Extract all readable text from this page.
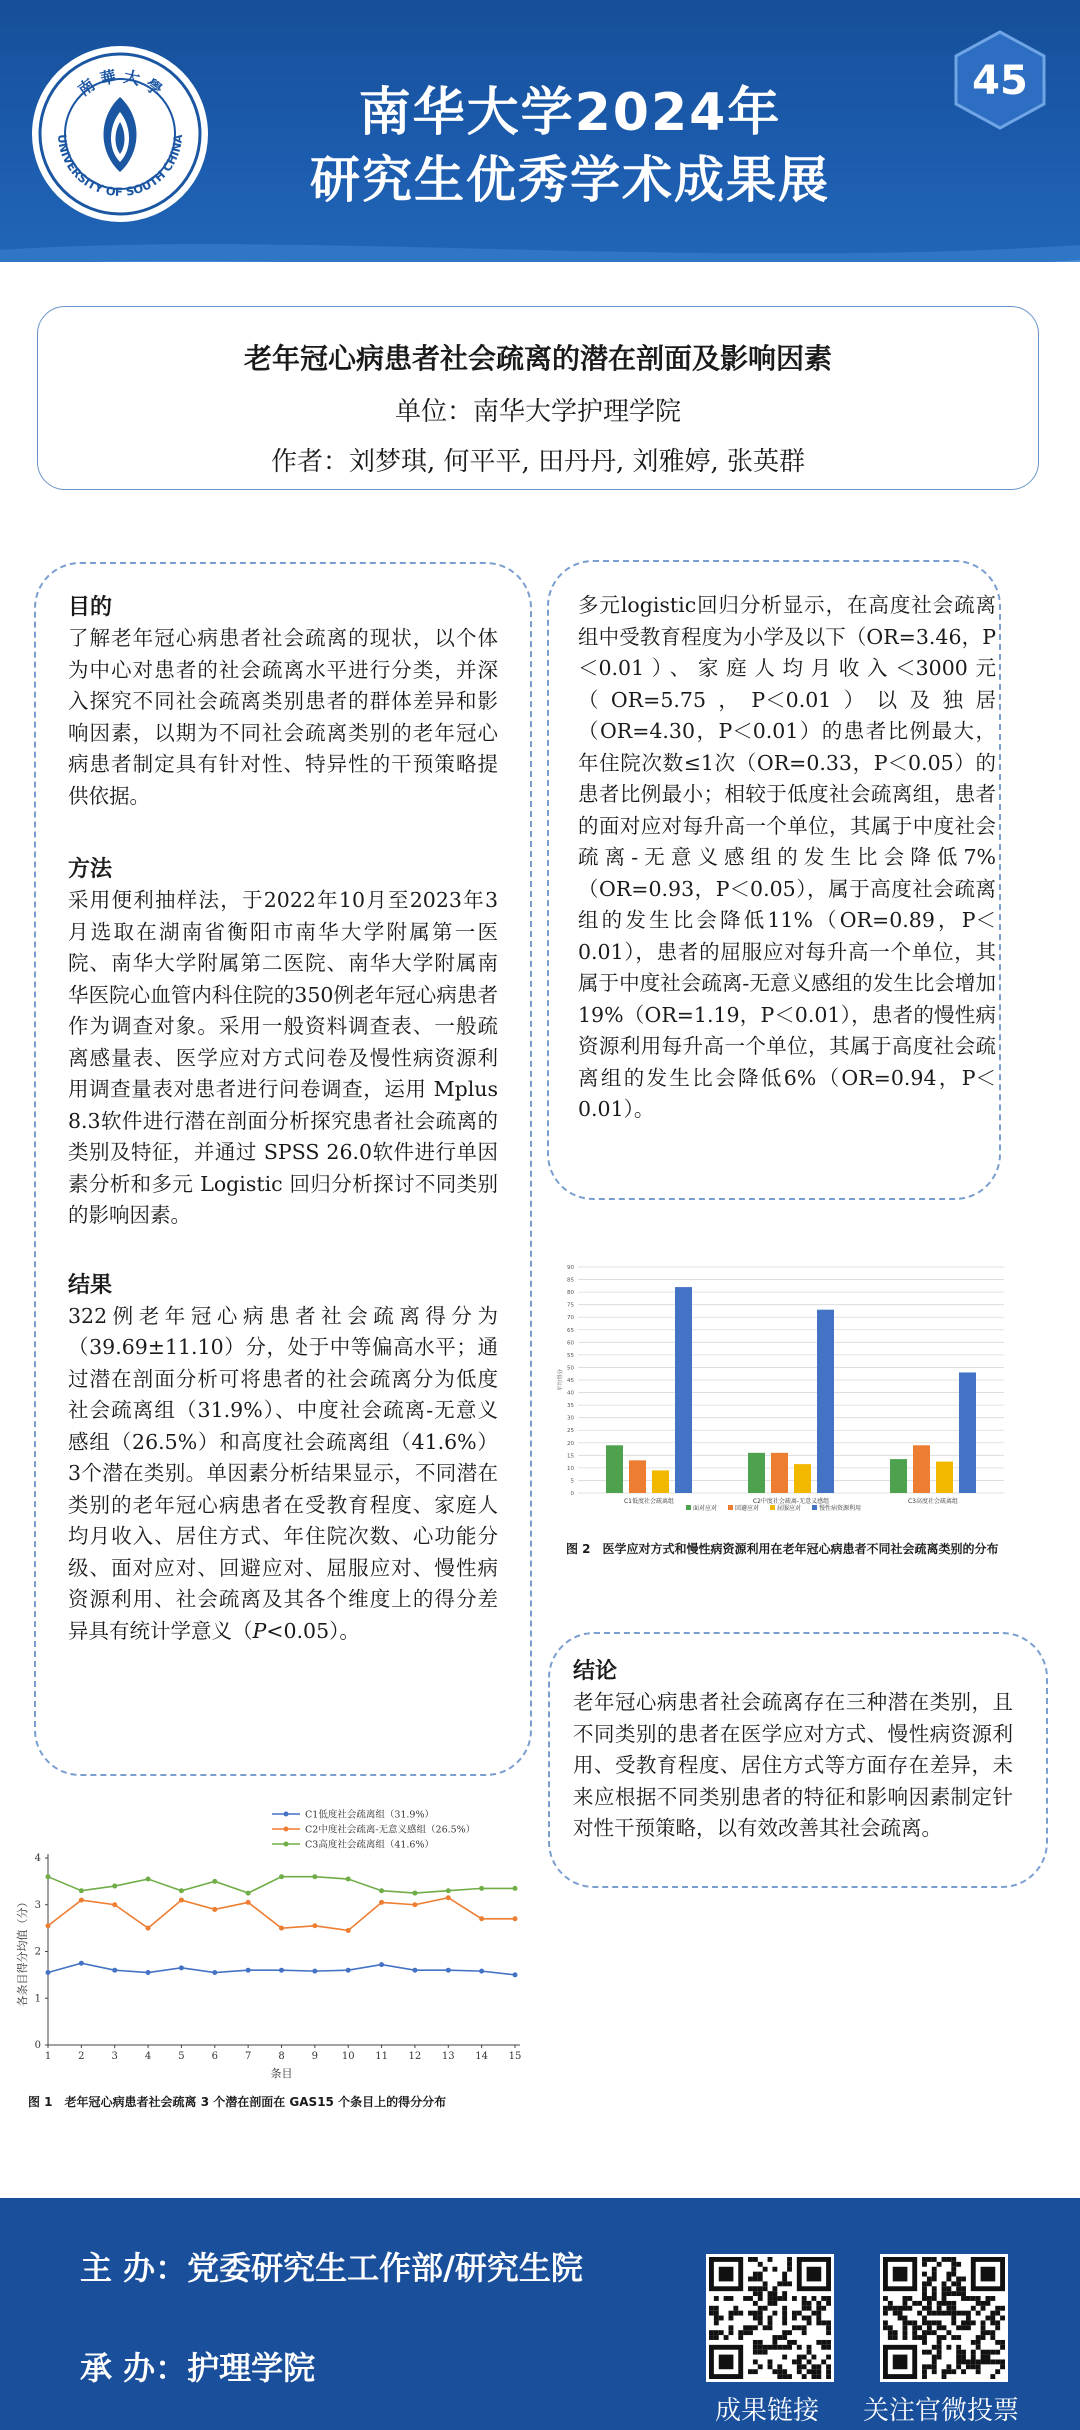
UNIVERSITY OF SOUTH CHINA
南 華 大 學	南华大学2024年
研究生优秀学术成果展
45
老年冠心病患者社会疏离的潜在剖面及影响因素
单位：南华大学护理学院
作者：刘梦琪, 何平平, 田丹丹, 刘雅婷, 张英群
目的
了解老年冠心病患者社会疏离的现状，以个体为中心对患者的社会疏离水平进行分类，并深入探究不同社会疏离类别患者的群体差异和影响因素，以期为不同社会疏离类别的老年冠心病患者制定具有针对性、特异性的干预策略提供依据。
方法
采用便利抽样法，于2022年10月至2023年3月选取在湖南省衡阳市南华大学附属第一医院、南华大学附属第二医院、南华大学附属南华医院心血管内科住院的350例老年冠心病患者作为调查对象。采用一般资料调查表、一般疏离感量表、医学应对方式问卷及慢性病资源利用调查量表对患者进行问卷调查，运用 Mplus 8.3软件进行潜在剖面分析探究患者社会疏离的类别及特征，并通过 SPSS 26.0软件进行单因素分析和多元 Logistic 回归分析探讨不同类别的影响因素。
结果
322例老年冠心病患者社会疏离得分为（39.69±11.10）分，处于中等偏高水平；通过潜在剖面分析可将患者的社会疏离分为低度社会疏离组（31.9%）、中度社会疏离-无意义感组（26.5%）和高度社会疏离组（41.6%）3个潜在类别。单因素分析结果显示，不同潜在类别的老年冠心病患者在受教育程度、家庭人均月收入、居住方式、年住院次数、心功能分级、面对应对、回避应对、屈服应对、慢性病资源利用、社会疏离及其各个维度上的得分差异具有统计学意义（P<0.05）。
多元logistic回归分析显示，在高度社会疏离组中受教育程度为小学及以下（OR=3.46，P＜0.01）、家庭人均月收入＜3000元（OR=5.75，P＜0.01）以及独居（OR=4.30，P＜0.01）的患者比例最大，年住院次数≤1次（OR=0.33，P＜0.05）的患者比例最小；相较于低度社会疏离组，患者的面对应对每升高一个单位，其属于中度社会疏离-无意义感组的发生比会降低7%（OR=0.93，P＜0.05），属于高度社会疏离组的发生比会降低11%（OR=0.89，P＜0.01），患者的屈服应对每升高一个单位，其属于中度社会疏离-无意义感组的发生比会增加19%（OR=1.19，P＜0.01），患者的慢性病资源利用每升高一个单位，其属于高度社会疏离组的发生比会降低6%（OR=0.94，P＜0.01）。
0
5
10
15
20
25
30
35
40
45
50
55
60
65
70
75
80
85
90
平均得分
C1低度社会疏离组	C2中度社会疏离-无意义感组	C3高度社会疏离组
面对应对	回避应对	屈服应对	慢性病资源利用
图 2　医学应对方式和慢性病资源利用在老年冠心病患者不同社会疏离类别的分布
结论
老年冠心病患者社会疏离存在三种潜在类别，且不同类别的患者在医学应对方式、慢性病资源利用、受教育程度、居住方式等方面存在差异，未来应根据不同类别患者的特征和影响因素制定针对性干预策略，以有效改善其社会疏离。
0
1
2
3
4
1	2	3	4	5	6	7	8	9 10 11 12 13 14 15
条目
各条目得分均值（分）
C1低度社会疏离组（31.9%）
C2中度社会疏离-无意义感组（26.5%）
C3高度社会疏离组（41.6%）
图 1　老年冠心病患者社会疏离 3 个潜在剖面在 GAS15 个条目上的得分分布
主 办：党委研究生工作部/研究生院
承 办：护理学院
成果链接	关注官微投票
